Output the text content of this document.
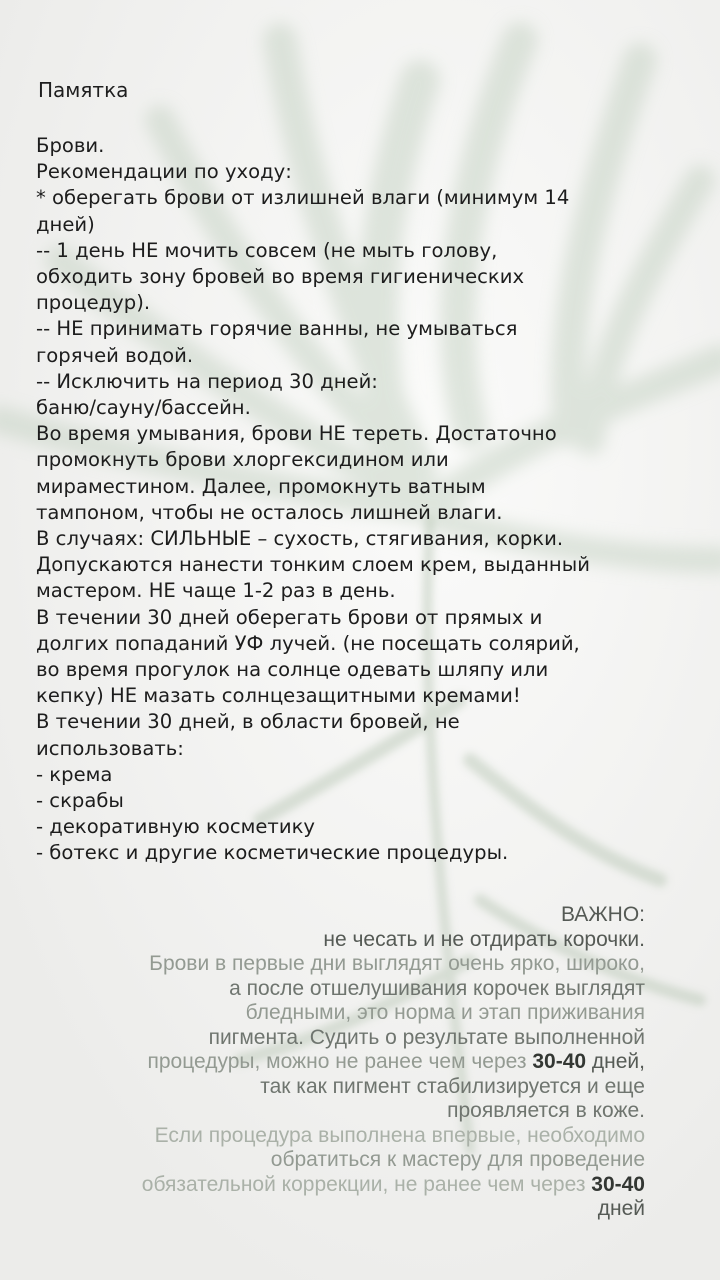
Памятка
Брови.
Рекомендации по уходу:
* оберегать брови от излишней влаги (минимум 14
дней)
-- 1 день НЕ мочить совсем (не мыть голову,
обходить зону бровей во время гигиенических
процедур).
-- НЕ принимать горячие ванны, не умываться
горячей водой.
-- Исключить на период 30 дней:
баню/сауну/бассейн.
Во время умывания, брови НЕ тереть. Достаточно
промокнуть брови хлоргексидином или
мираместином. Далее, промокнуть ватным
тампоном, чтобы не осталось лишней влаги.
В случаях: СИЛЬНЫЕ – сухость, стягивания, корки.
Допускаются нанести тонким слоем крем, выданный
мастером. НЕ чаще 1-2 раз в день.
В течении 30 дней оберегать брови от прямых и
долгих попаданий УФ лучей. (не посещать солярий,
во время прогулок на солнце одевать шляпу или
кепку) НЕ мазать солнцезащитными кремами!
В течении 30 дней, в области бровей, не
использовать:
- крема
- скрабы
- декоративную косметику
- ботекс и другие косметические процедуры.
ВАЖНО:
не чесать и не отдирать корочки.
Брови в первые дни выглядят очень ярко, широко,
а после отшелушивания корочек выглядят
бледными, это норма и этап приживания
пигмента. Судить о результате выполненной
процедуры, можно не ранее чем через 30-40 дней,
так как пигмент стабилизируется и еще
проявляется в коже.
Если процедура выполнена впервые, необходимо
обратиться к мастеру для проведение
обязательной коррекции, не ранее чем через 30-40
дней
